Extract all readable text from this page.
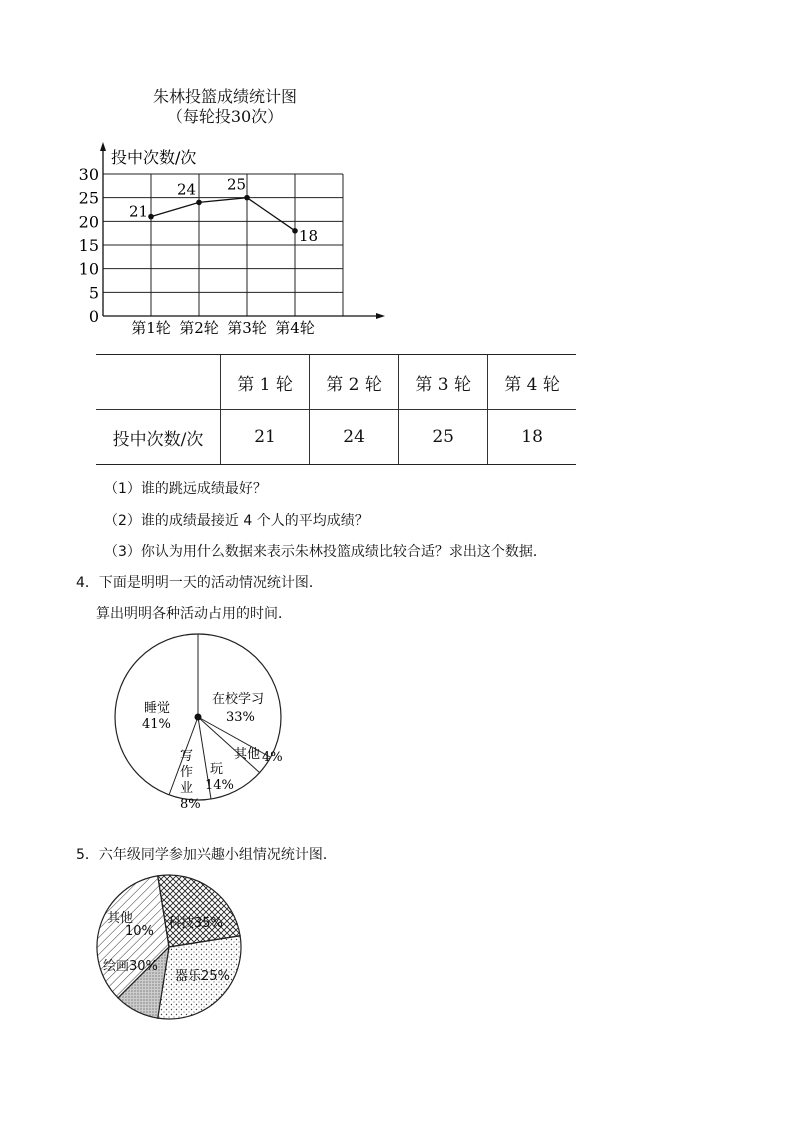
朱林投篮成绩统计图
（每轮投30次）
投中次数/次
0
5
10
15
20
25
30
第1轮 第2轮 第3轮 第4轮
21
24 25
18
	第 1 轮	第 2 轮	第 3 轮	第 4 轮
投中次数/次	21	24	25	18
（1）谁的跳远成绩最好？
（2）谁的成绩最接近 4 个人的平均成绩？
（3）你认为用什么数据来表示朱林投篮成绩比较合适？求出这个数据．
4．下面是明明一天的活动情况统计图．
算出明明各种活动占用的时间．
在校学习
33%
睡觉
41%
其他 4%
玩
14%
写
作
业
8%
5．六年级同学参加兴趣小组情况统计图．
科技35%
器乐25%
绘画30%
其他
10%
